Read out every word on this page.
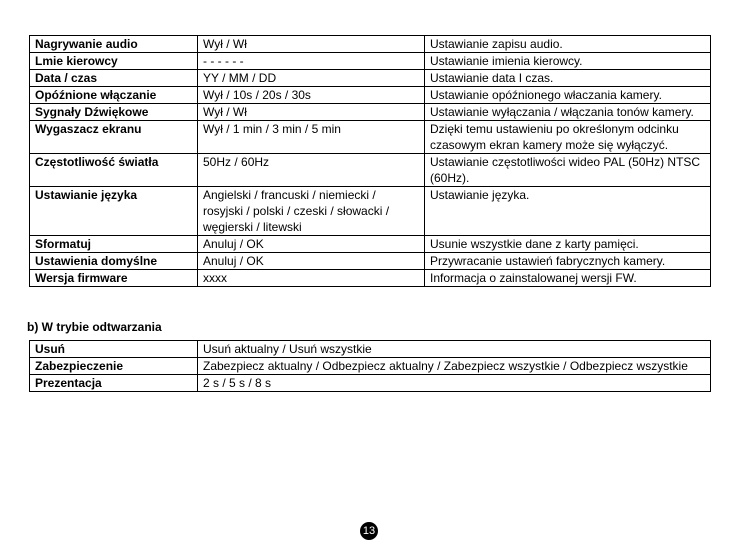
Nagrywanie audio	Wył / Wł	Ustawianie zapisu audio.
Lmie kierowcy	- - - - - -	Ustawianie imienia kierowcy.
Data / czas	YY / MM / DD	Ustawianie data I czas.
Opóźnione włączanie	Wył / 10s / 20s / 30s	Ustawianie opóźnionego właczania kamery.
Sygnały Dźwiękowe	Wył / Wł	Ustawianie wyłączania / włączania tonów kamery.
Wygaszacz ekranu	Wył / 1 min / 3 min / 5 min	Dzięki temu ustawieniu po określonym odcinku czasowym ekran kamery może się wyłączyć.
Częstotliwość światła	50Hz / 60Hz	Ustawianie częstotliwości wideo PAL (50Hz) NTSC (60Hz).
Ustawianie języka	Angielski / francuski / niemiecki / rosyjski / polski / czeski / słowacki / węgierski / litewski	Ustawianie języka.
Sformatuj	Anuluj / OK	Usunie wszystkie dane z karty pamięci.
Ustawienia domyślne	Anuluj / OK	Przywracanie ustawień fabrycznych kamery.
Wersja firmware	xxxx	Informacja o zainstalowanej wersji FW.
b) W trybie odtwarzania
Usuń	Usuń aktualny / Usuń wszystkie
Zabezpieczenie	Zabezpiecz aktualny / Odbezpiecz aktualny / Zabezpiecz wszystkie / Odbezpiecz wszystkie
Prezentacja	2 s / 5 s / 8 s
13
